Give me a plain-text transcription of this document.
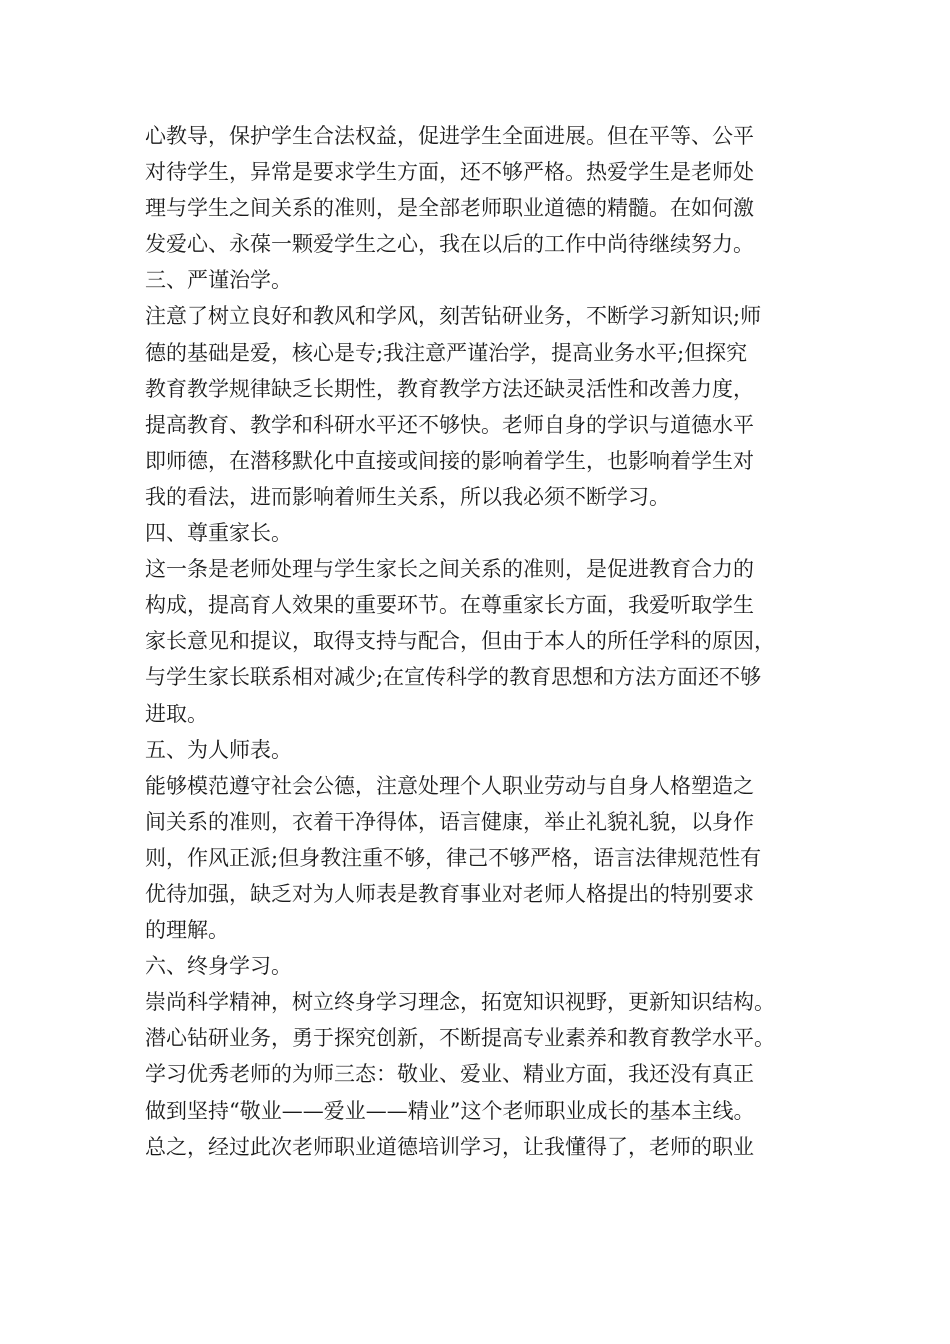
心教导，保护学生合法权益，促进学生全面进展。但在平等、公平
对待学生，异常是要求学生方面，还不够严格。热爱学生是老师处
理与学生之间关系的准则，是全部老师职业道德的精髓。在如何激
发爱心、永葆一颗爱学生之心，我在以后的工作中尚待继续努力。
三、严谨治学。
注意了树立良好和教风和学风，刻苦钻研业务，不断学习新知识;师
德的基础是爱，核心是专;我注意严谨治学，提高业务水平;但探究
教育教学规律缺乏长期性，教育教学方法还缺灵活性和改善力度，
提高教育、教学和科研水平还不够快。老师自身的学识与道德水平
即师德，在潜移默化中直接或间接的影响着学生，也影响着学生对
我的看法，进而影响着师生关系，所以我必须不断学习。
四、尊重家长。
这一条是老师处理与学生家长之间关系的准则，是促进教育合力的
构成，提高育人效果的重要环节。在尊重家长方面，我爱听取学生
家长意见和提议，取得支持与配合，但由于本人的所任学科的原因，
与学生家长联系相对减少;在宣传科学的教育思想和方法方面还不够
进取。
五、为人师表。
能够模范遵守社会公德，注意处理个人职业劳动与自身人格塑造之
间关系的准则，衣着干净得体，语言健康，举止礼貌礼貌，以身作
则，作风正派;但身教注重不够，律己不够严格，语言法律规范性有
优待加强，缺乏对为人师表是教育事业对老师人格提出的特别要求
的理解。
六、终身学习。
崇尚科学精神，树立终身学习理念，拓宽知识视野，更新知识结构。
潜心钻研业务，勇于探究创新，不断提高专业素养和教育教学水平。
学习优秀老师的为师三态：敬业、爱业、精业方面，我还没有真正
做到坚持“敬业——爱业——精业”这个老师职业成长的基本主线。
总之，经过此次老师职业道德培训学习，让我懂得了，老师的职业
